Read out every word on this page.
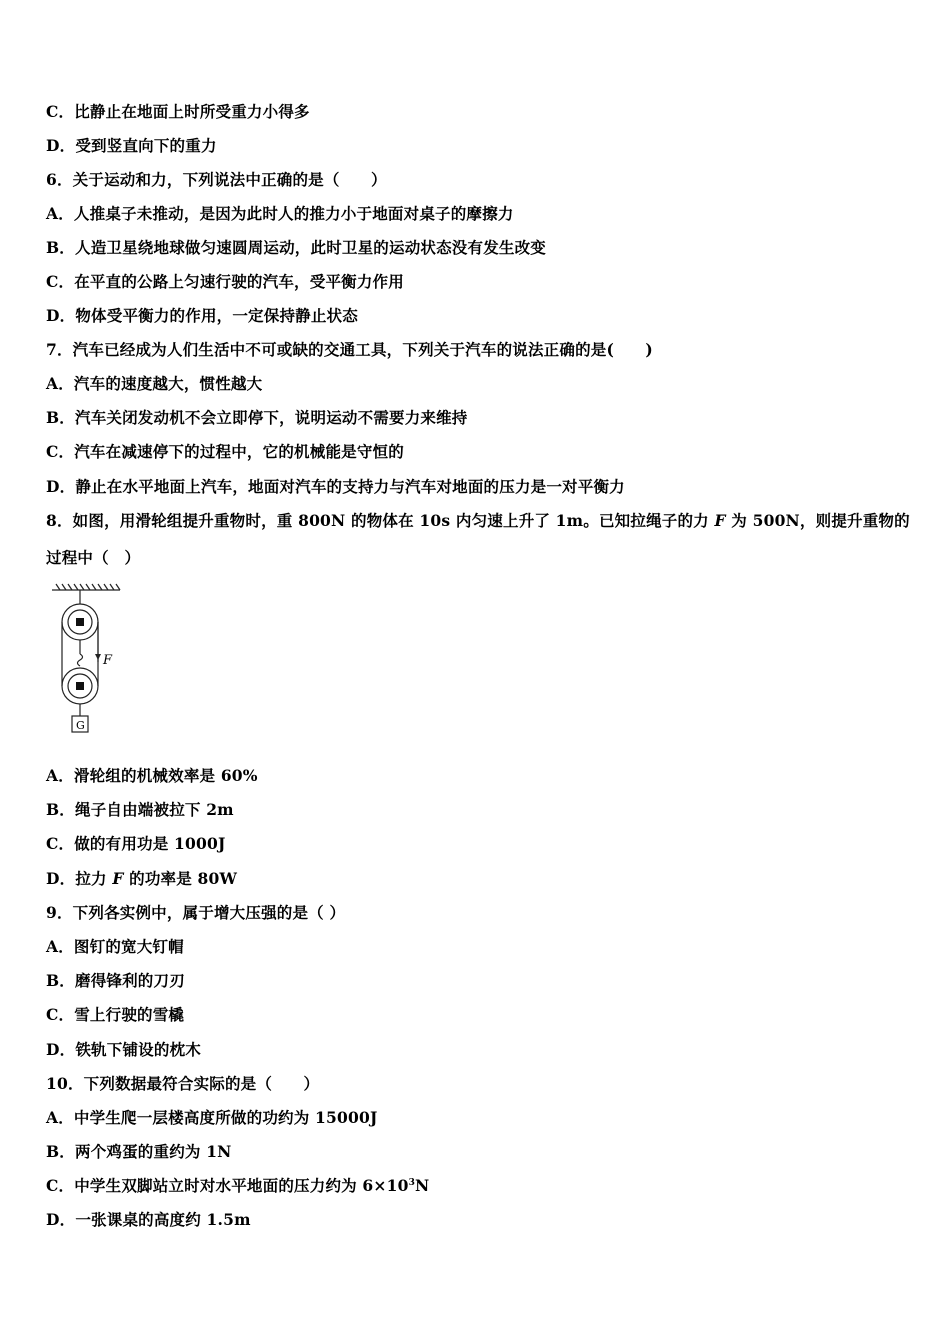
C．比静止在地面上时所受重力小得多
D．受到竖直向下的重力
6．关于运动和力，下列说法中正确的是（　　）
A．人推桌子未推动，是因为此时人的推力小于地面对桌子的摩擦力
B．人造卫星绕地球做匀速圆周运动，此时卫星的运动状态没有发生改变
C．在平直的公路上匀速行驶的汽车，受平衡力作用
D．物体受平衡力的作用，一定保持静止状态
7．汽车已经成为人们生活中不可或缺的交通工具，下列关于汽车的说法正确的是(　　)
A．汽车的速度越大，惯性越大
B．汽车关闭发动机不会立即停下，说明运动不需要力来维持
C．汽车在减速停下的过程中，它的机械能是守恒的
D．静止在水平地面上汽车，地面对汽车的支持力与汽车对地面的压力是一对平衡力
8．如图，用滑轮组提升重物时，重 800N 的物体在 10s 内匀速上升了 1m。已知拉绳子的力 F 为 500N，则提升重物的
过程中（　）
F
G
A．滑轮组的机械效率是 60%
B．绳子自由端被拉下 2m
C．做的有用功是 1000J
D．拉力 F 的功率是 80W
9．下列各实例中，属于增大压强的是（ ）
A．图钉的宽大钉帽
B．磨得锋利的刀刃
C．雪上行驶的雪橇
D．铁轨下铺设的枕木
10．下列数据最符合实际的是（　　）
A．中学生爬一层楼高度所做的功约为 15000J
B．两个鸡蛋的重约为 1N
C．中学生双脚站立时对水平地面的压力约为 $6\times 10^3N$
D．一张课桌的高度约 1.5m
